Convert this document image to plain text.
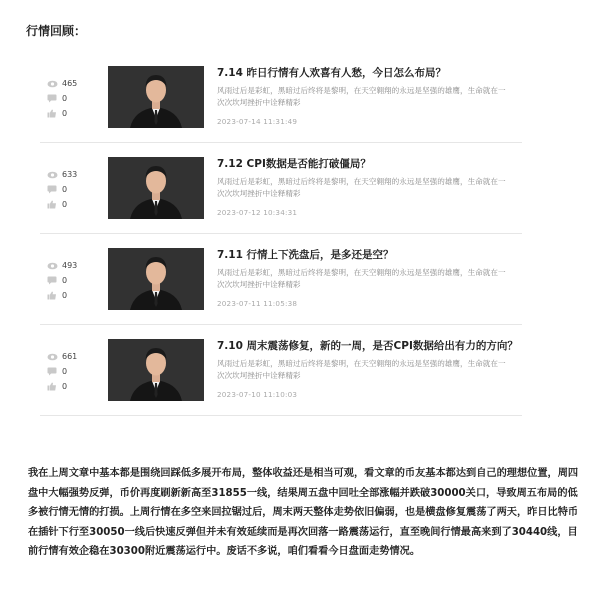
行情回顾：
465
0
0
7.14 昨日行情有人欢喜有人愁，今日怎么布局？
风雨过后是彩虹，黑暗过后终将是黎明，在天空翱翔的永远是坚强的雄鹰，生命就在一次次坎坷挫折中诠释精彩
2023-07-14 11:31:49
633
0
0
7.12 CPI数据是否能打破僵局？
风雨过后是彩虹，黑暗过后终将是黎明，在天空翱翔的永远是坚强的雄鹰，生命就在一次次坎坷挫折中诠释精彩
2023-07-12 10:34:31
493
0
0
7.11 行情上下洗盘后，是多还是空？
风雨过后是彩虹，黑暗过后终将是黎明，在天空翱翔的永远是坚强的雄鹰，生命就在一次次坎坷挫折中诠释精彩
2023-07-11 11:05:38
661
0
0
7.10 周末震荡修复，新的一周，是否CPI数据给出有力的方向？
风雨过后是彩虹，黑暗过后终将是黎明，在天空翱翔的永远是坚强的雄鹰，生命就在一次次坎坷挫折中诠释精彩
2023-07-10 11:10:03
我在上周文章中基本都是围绕回踩低多展开布局，整体收益还是相当可观，看文章的币友基本都达到自己的理想位置，周四盘中大幅强势反弹，币价再度刷新新高至31855一线，结果周五盘中回吐全部涨幅并跌破30000关口，导致周五布局的低多被行情无情的打损。上周行情在多空来回拉锯过后，周末两天整体走势依旧偏弱，也是横盘修复震荡了两天，昨日比特币在插针下行至30050一线后快速反弹但并未有效延续而是再次回落一路震荡运行，直至晚间行情最高来到了30440线，目前行情有效企稳在30300附近震荡运行中。废话不多说，咱们看看今日盘面走势情况。
